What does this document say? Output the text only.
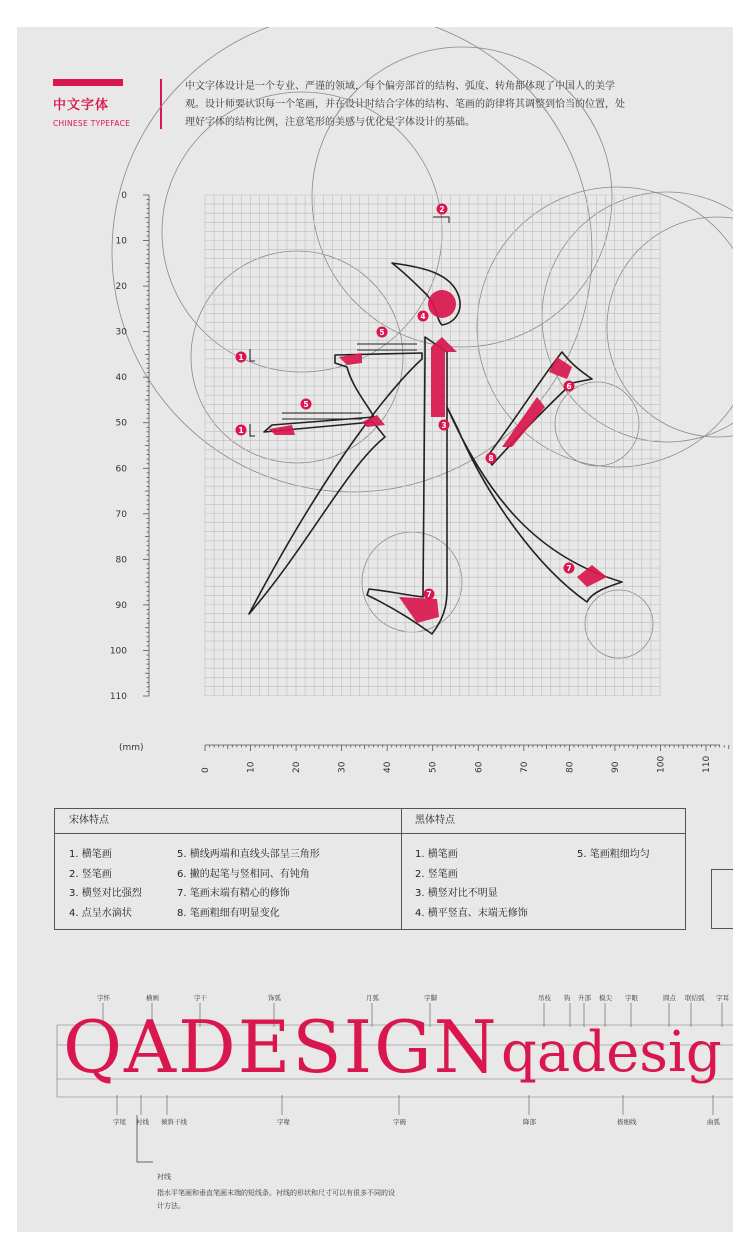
中文字体
CHINESE TYPEFACE
中文字体设计是一个专业、严谨的领域，每个偏旁部首的结构、弧度、转角都体现了中国人的美学观。设计师要认识每一个笔画，并在设计时结合字体的结构、笔画的韵律将其调整到恰当的位置，处理好字体的结构比例，注意笔形的美感与优化是字体设计的基础。
0
10
20
30
40
50
60
70
80
90
100
110
0	10	20	30	40	50	60	70	80	90	100	110
1
1
2
3
4
5
5
6
7
7
8
(mm)
宋体特点
1. 横笔画
2. 竖笔画
3. 横竖对比强烈
4. 点呈水滴状
5. 横线两端和直线头部呈三角形
6. 撇的起笔与竖相同、有钝角
7. 笔画末端有精心的修饰
8. 笔画粗细有明显变化
黑体特点
1. 横笔画
2. 竖笔画
3. 横竖对比不明显
4. 横平竖直、末端无修饰
5. 笔画粗细均匀
QADESIGN qadesig
字怀	横画	字干	饰弧	月弧	字脚	吊枝 钩 升部 模尖 字眼	圆点 联结弧 字耳
字尾 衬线 倾斜干线	字喙	字碗	降部	极细线	曲弧
衬线
指水平笔画和垂直笔画末端的短线条。衬线的形状和尺寸可以有很多不同的设计方法。
